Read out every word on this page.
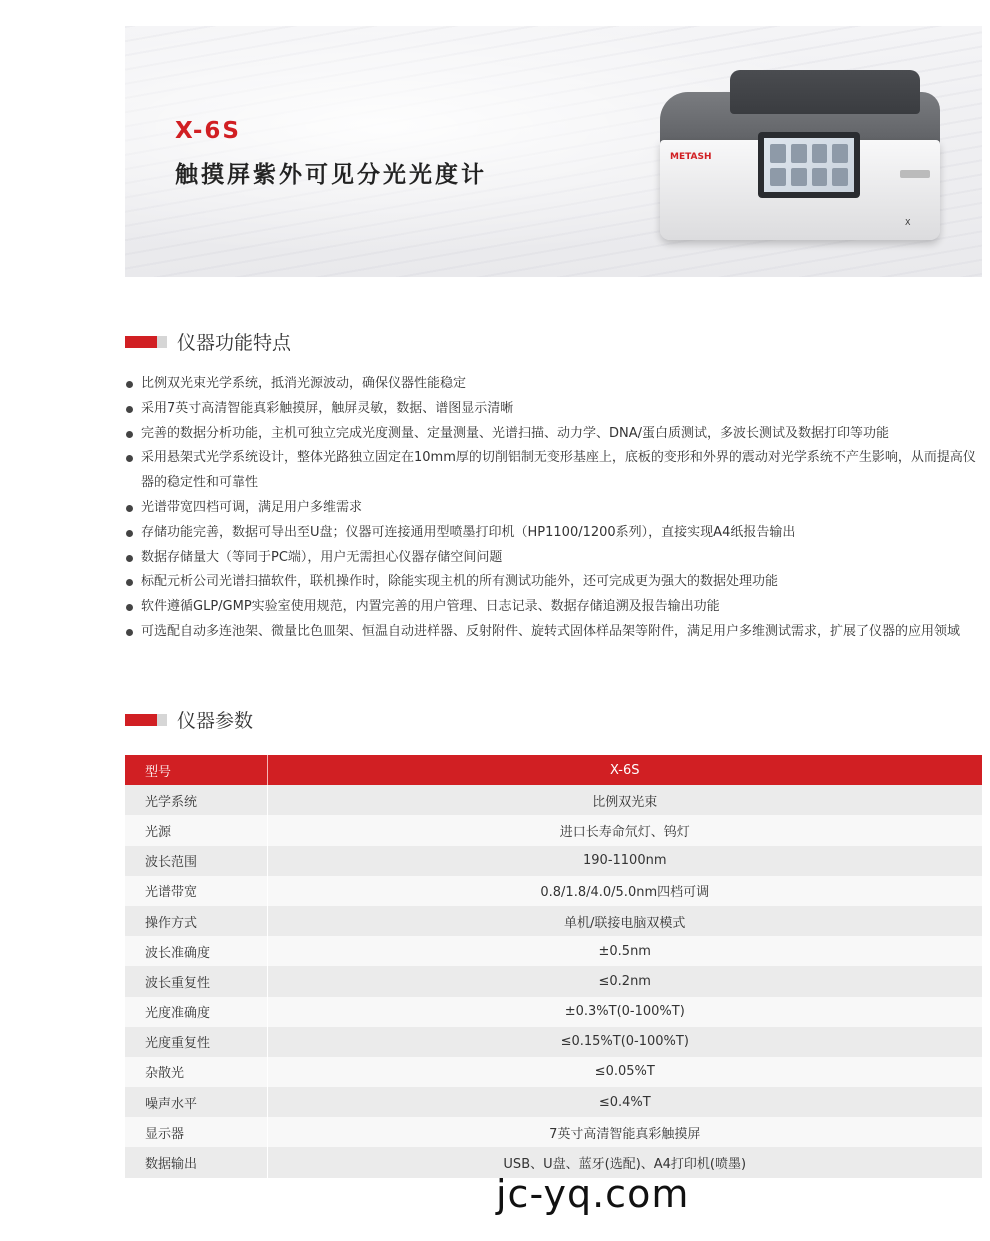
X-6S
触摸屏紫外可见分光光度计
METASH
X
仪器功能特点
比例双光束光学系统，抵消光源波动，确保仪器性能稳定
采用7英寸高清智能真彩触摸屏，触屏灵敏，数据、谱图显示清晰
完善的数据分析功能，主机可独立完成光度测量、定量测量、光谱扫描、动力学、DNA/蛋白质测试，多波长测试及数据打印等功能
采用悬架式光学系统设计，整体光路独立固定在10mm厚的切削铝制无变形基座上，底板的变形和外界的震动对光学系统不产生影响，从而提高仪器的稳定性和可靠性
光谱带宽四档可调，满足用户多维需求
存储功能完善，数据可导出至U盘；仪器可连接通用型喷墨打印机（HP1100/1200系列），直接实现A4纸报告输出
数据存储量大（等同于PC端），用户无需担心仪器存储空间问题
标配元析公司光谱扫描软件，联机操作时，除能实现主机的所有测试功能外，还可完成更为强大的数据处理功能
软件遵循GLP/GMP实验室使用规范，内置完善的用户管理、日志记录、数据存储追溯及报告输出功能
可选配自动多连池架、微量比色皿架、恒温自动进样器、反射附件、旋转式固体样品架等附件，满足用户多维测试需求，扩展了仪器的应用领域
仪器参数
型号	X-6S
光学系统	比例双光束
光源	进口长寿命氘灯、钨灯
波长范围	190-1100nm
光谱带宽	0.8/1.8/4.0/5.0nm四档可调
操作方式	单机/联接电脑双模式
波长准确度	±0.5nm
波长重复性	≤0.2nm
光度准确度	±0.3%T(0-100%T)
光度重复性	≤0.15%T(0-100%T)
杂散光	≤0.05%T
噪声水平	≤0.4%T
显示器	7英寸高清智能真彩触摸屏
数据输出	USB、U盘、蓝牙(选配)、A4打印机(喷墨)
jc-yq.com
